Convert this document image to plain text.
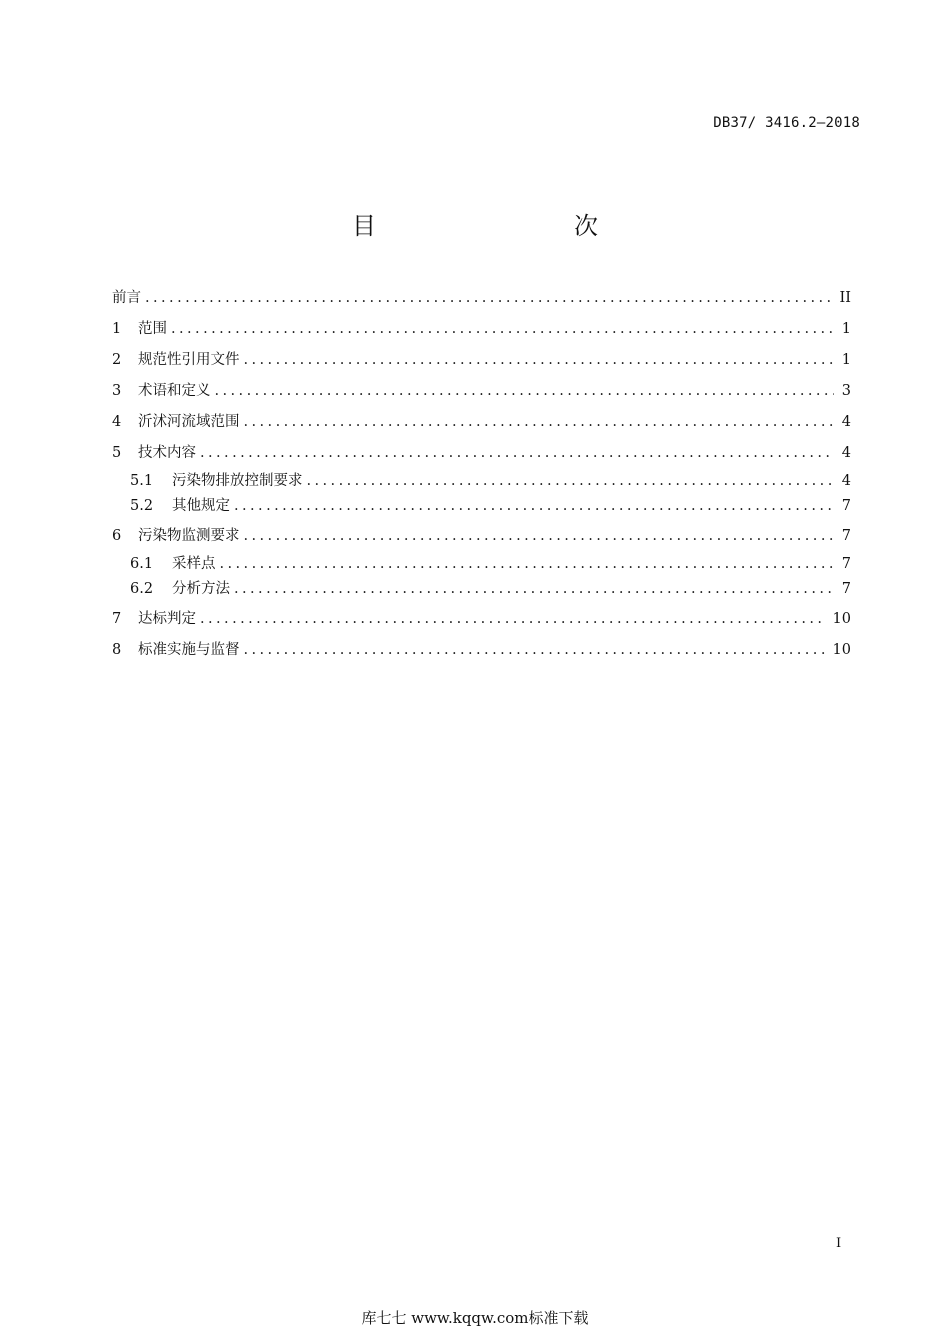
DB37/ 3416.2—2018
目　　次
前言 . . .	II
1	范围 . . .	1
2	规范性引用文件 . . .	1
3	术语和定义 . . .	3
4	沂沭河流域范围 . . .	4
5	技术内容 . . .	4
5.1	污染物排放控制要求 . . .	4
5.2	其他规定 . . .	7
6	污染物监测要求 . . .	7
6.1	采样点 . . .	7
6.2	分析方法 . . .	7
7	达标判定 . . .	10
8	标准实施与监督 . . .	10
I
库七七 www.kqqw.com标准下载
